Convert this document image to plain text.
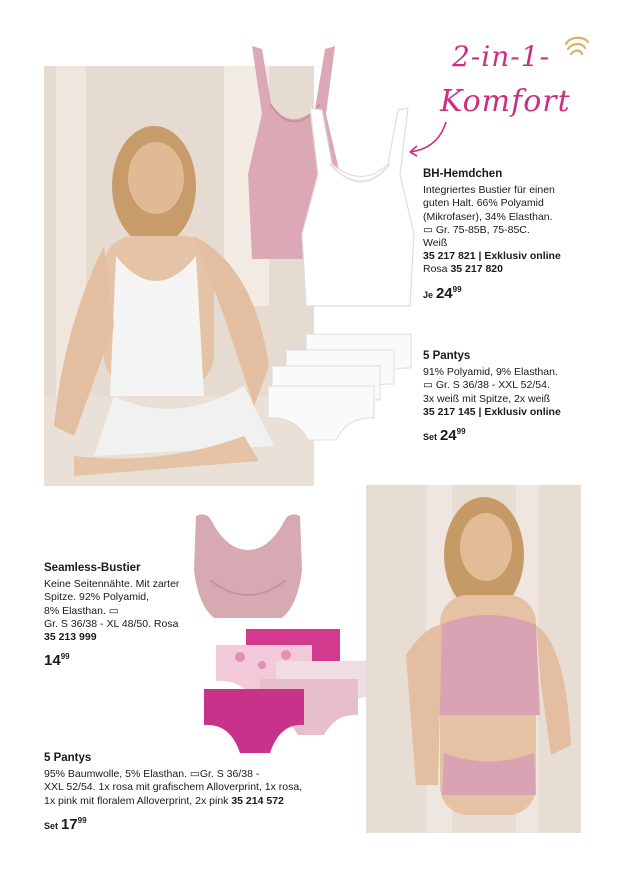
2-in-1-
Komfort
BH-Hemdchen
Integriertes Bustier für einen
guten Halt. 66% Polyamid
(Mikrofaser), 34% Elasthan.
▭ Gr. 75-85B, 75-85C.
Weiß
35 217 821 | Exklusiv online
Rosa 35 217 820
Je $24^{99}$
5 Pantys
91% Polyamid, 9% Elasthan.
▭ Gr. S 36/38 - XXL 52/54.
3x weiß mit Spitze, 2x weiß
35 217 145 | Exklusiv online
Set $24^{99}$
Seamless-Bustier
Keine Seitennähte. Mit zarter
Spitze. 92% Polyamid,
8% Elasthan. ▭
Gr. S 36/38 - XL 48/50. Rosa
35 213 999
$14^{99}$
5 Pantys
95% Baumwolle, 5% Elasthan. ▭Gr. S 36/38 -
XXL 52/54. 1x rosa mit grafischem Alloverprint, 1x rosa,
1x pink mit floralem Alloverprint, 2x pink 35 214 572
Set $17^{99}$
